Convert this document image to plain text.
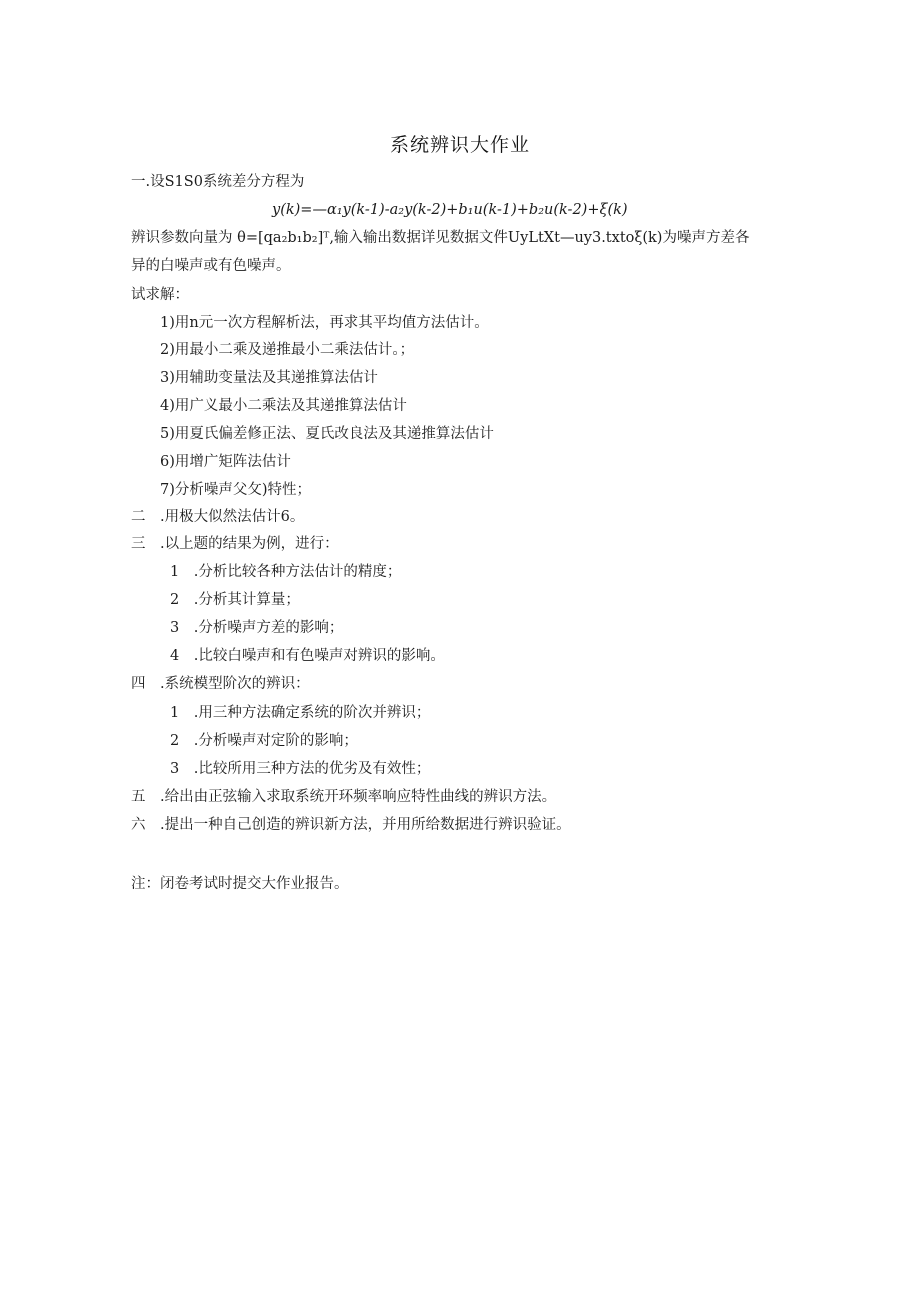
系统辨识大作业
一.设S1S0系统差分方程为
y(k)=—α₁y(k-1)-a₂y(k-2)+b₁u(k-1)+b₂u(k-2)+ξ(k)
辨识参数向量为 θ=[qa₂b₁b₂]ᵀ,输入输出数据详见数据文件UyLtXt—uy3.txtoξ(k)为噪声方差各
异的白噪声或有色噪声。
试求解：
1)用n元一次方程解析法，再求其平均值方法估计。
2)用最小二乘及递推最小二乘法估计。；
3)用辅助变量法及其递推算法估计
4)用广义最小二乘法及其递推算法估计
5)用夏氏偏差修正法、夏氏改良法及其递推算法估计
6)用增广矩阵法估计
7)分析噪声父攵)特性；
二　.用极大似然法估计6。
三　.以上题的结果为例，进行：
1　.分析比较各种方法估计的精度；
2　.分析其计算量；
3　.分析噪声方差的影响；
4　.比较白噪声和有色噪声对辨识的影响。
四　.系统模型阶次的辨识：
1　.用三种方法确定系统的阶次并辨识；
2　.分析噪声对定阶的影响；
3　.比较所用三种方法的优劣及有效性；
五　.给出由正弦输入求取系统开环频率响应特性曲线的辨识方法。
六　.提出一种自己创造的辨识新方法，并用所给数据进行辨识验证。
注：闭卷考试时提交大作业报告。
